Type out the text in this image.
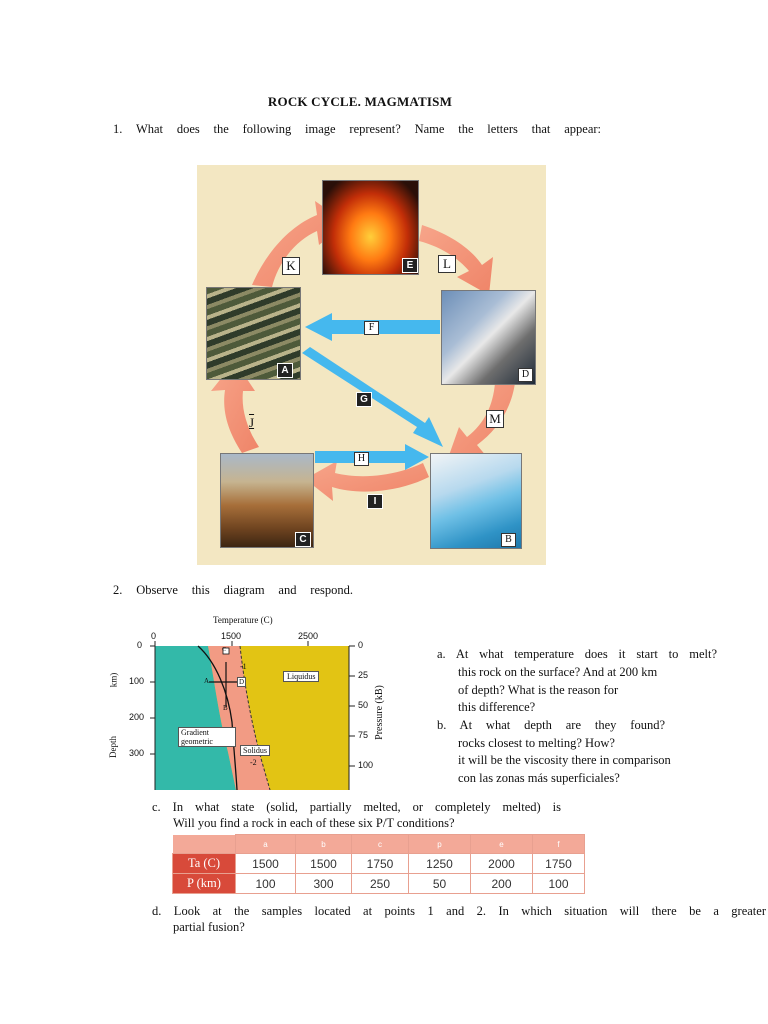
ROCK CYCLE. MAGMATISM
1. What does the following image represent? Name the letters that appear:
E
D
B
C
A
F
G
H
I
K	L
M
J
2. Observe this diagram and respond.
Temperature (C)
0	1500	2500
0
100
200
300
km)
Depth
0
25
50
75
100
Pressure (kB)
Liquidus
Solidus
Gradient geometric
-1
-2
A
B
C
D
a. At what temperature does it start to melt?
this rock on the surface? And at 200 km
of depth? What is the reason for
this difference?
b. At what depth are they found?
rocks closest to melting? How?
it will be the viscosity there in comparison
con las zonas más superficiales?
c. In what state (solid, partially melted, or completely melted) is
Will you find a rock in each of these six P/T conditions?
	a	b	c	p	e	f
Ta (C)	1500	1500	1750	1250	2000	1750
P (km)	100	300	250	50	200	100
d. Look at the samples located at points 1 and 2. In which situation will there be a greater
partial fusion?
